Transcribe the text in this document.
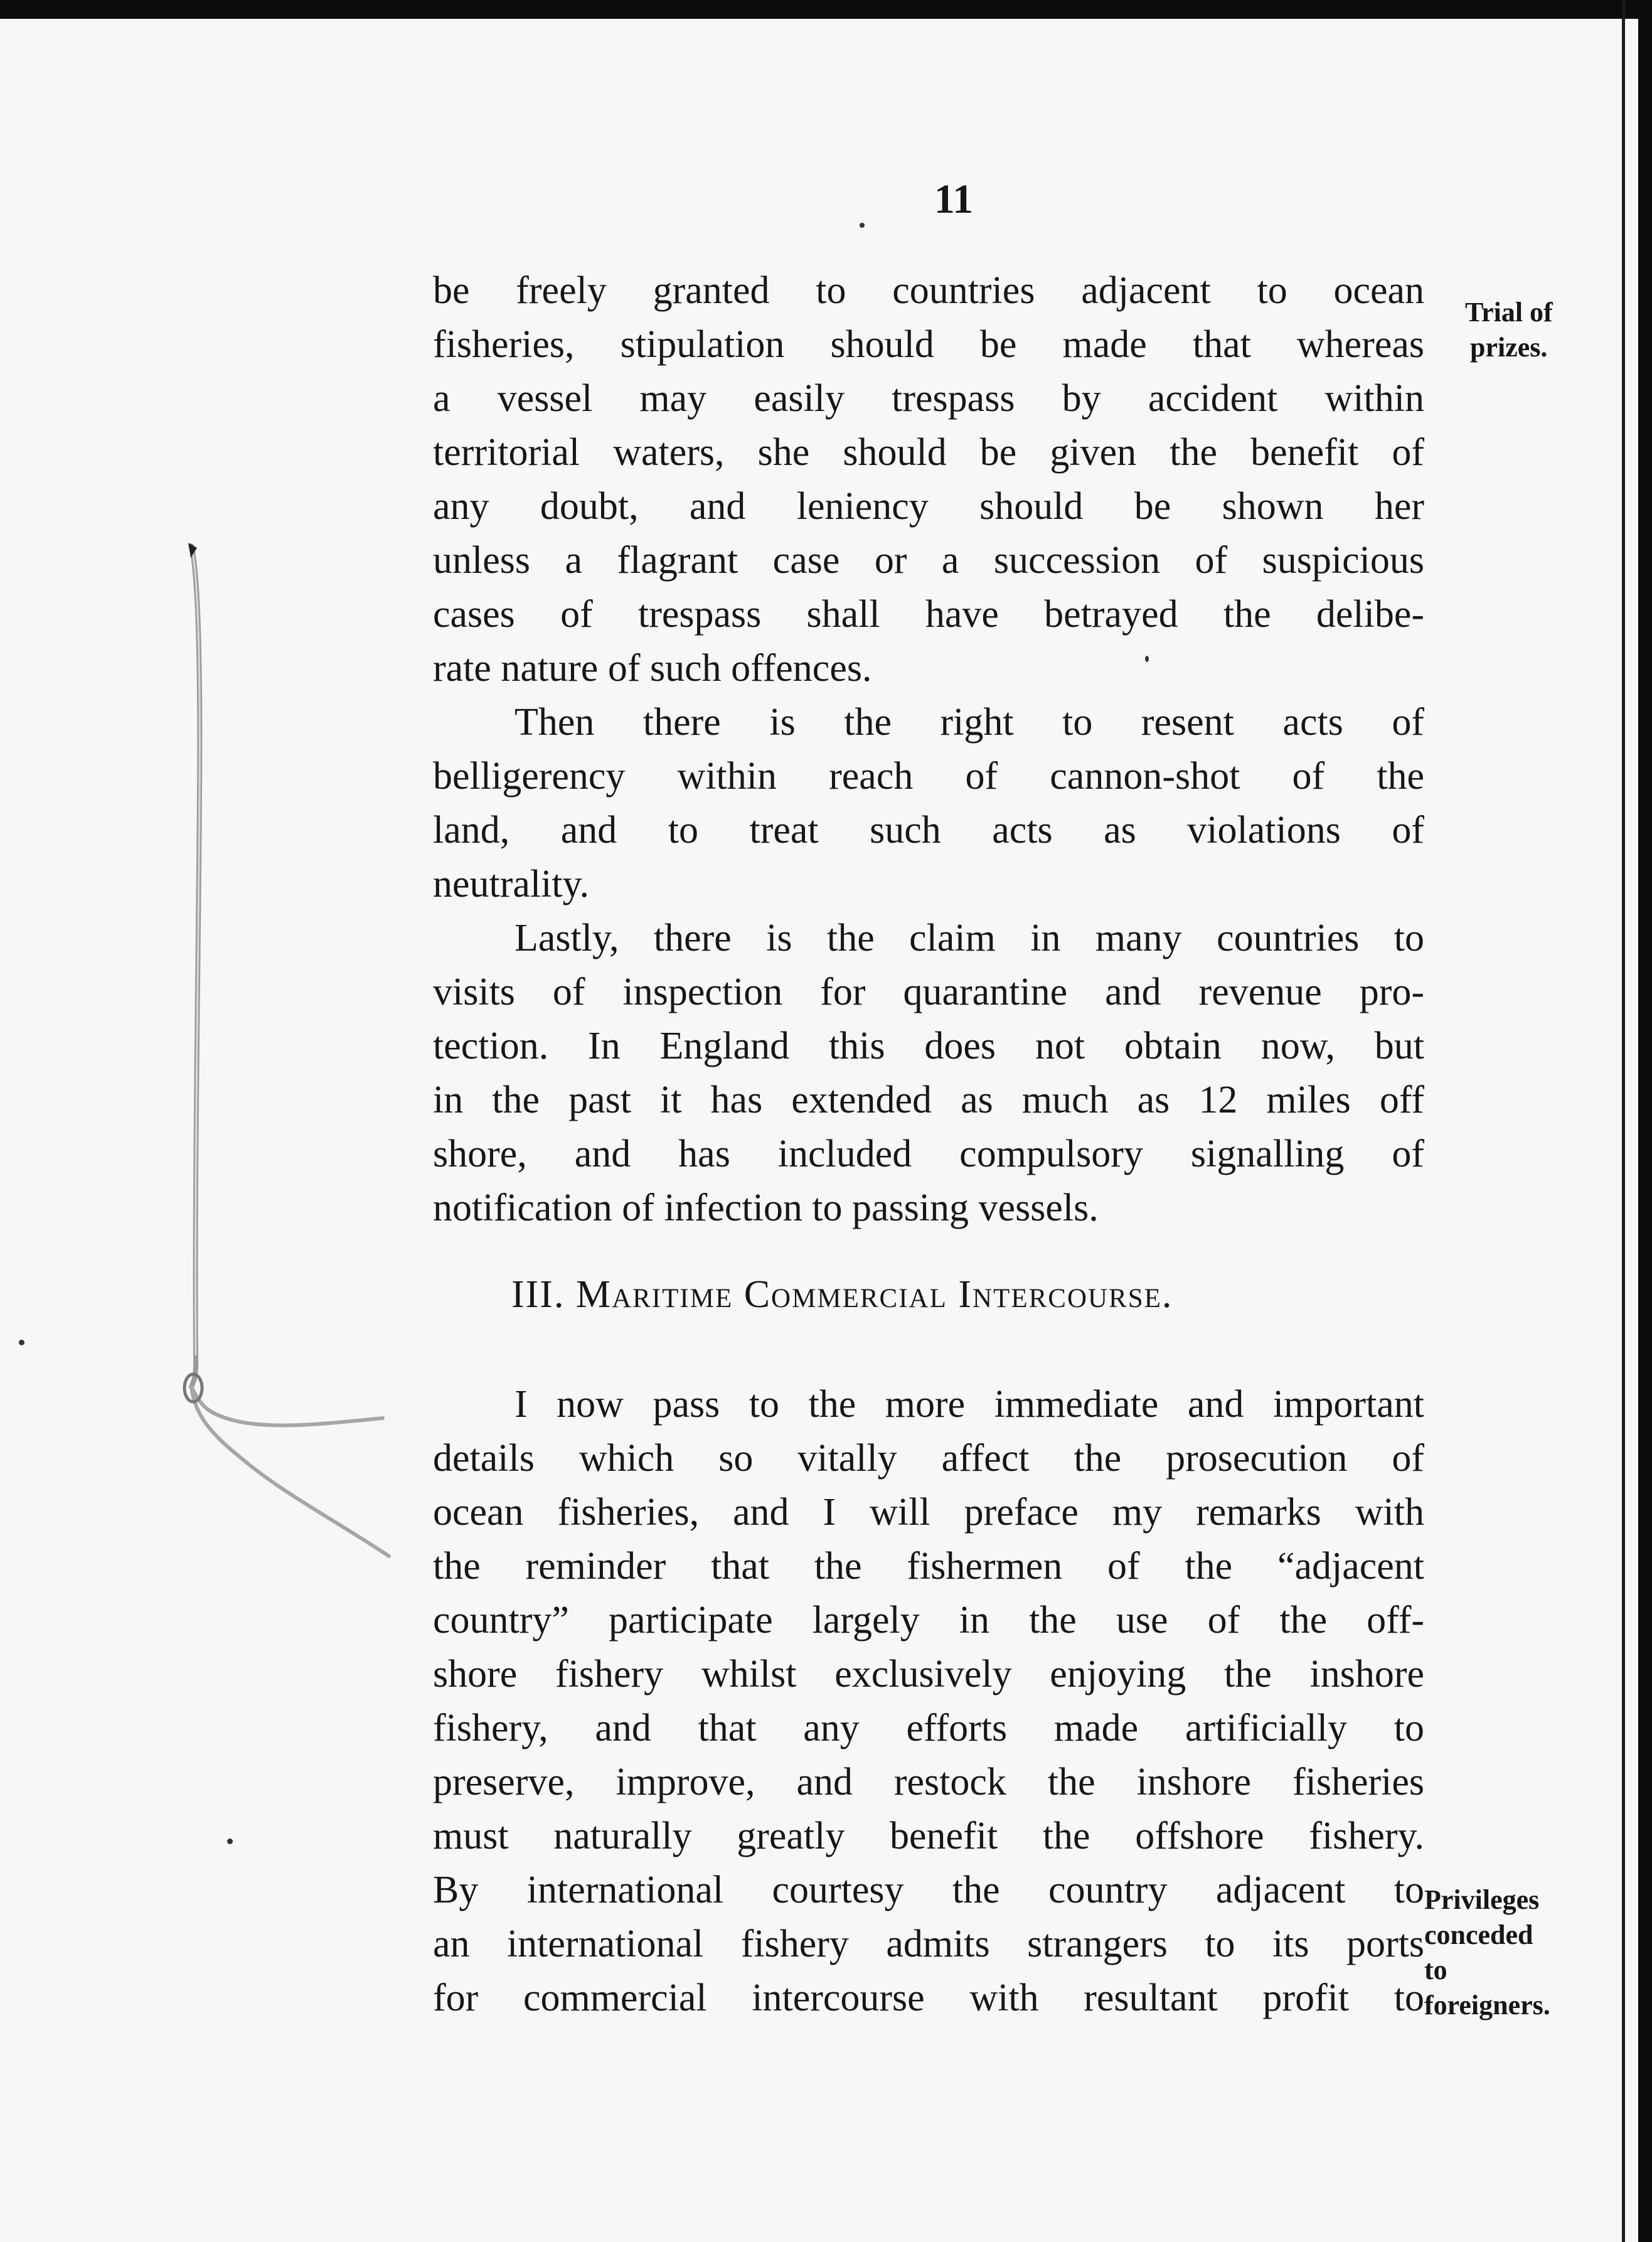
11
be freely granted to countries adjacent to ocean
fisheries, stipulation should be made that whereas
a vessel may easily trespass by accident within
territorial waters, she should be given the benefit of
any doubt, and leniency should be shown her
unless a flagrant case or a succession of suspicious
cases of trespass shall have betrayed the delibe-
rate nature of such offences.
Then there is the right to resent acts of
belligerency within reach of cannon-shot of the
land, and to treat such acts as violations of
neutrality.
Lastly, there is the claim in many countries to
visits of inspection for quarantine and revenue pro-
tection. In England this does not obtain now, but
in the past it has extended as much as 12 miles off
shore, and has included compulsory signalling of
notification of infection to passing vessels.
III. Maritime Commercial Intercourse.
I now pass to the more immediate and important
details which so vitally affect the prosecution of
ocean fisheries, and I will preface my remarks with
the reminder that the fishermen of the “adjacent
country” participate largely in the use of the off-
shore fishery whilst exclusively enjoying the inshore
fishery, and that any efforts made artificially to
preserve, improve, and restock the inshore fisheries
must naturally greatly benefit the offshore fishery.
By international courtesy the country adjacent to
an international fishery admits strangers to its ports
for commercial intercourse with resultant profit to
Trial of
prizes.
Privileges
conceded
to
foreigners.
